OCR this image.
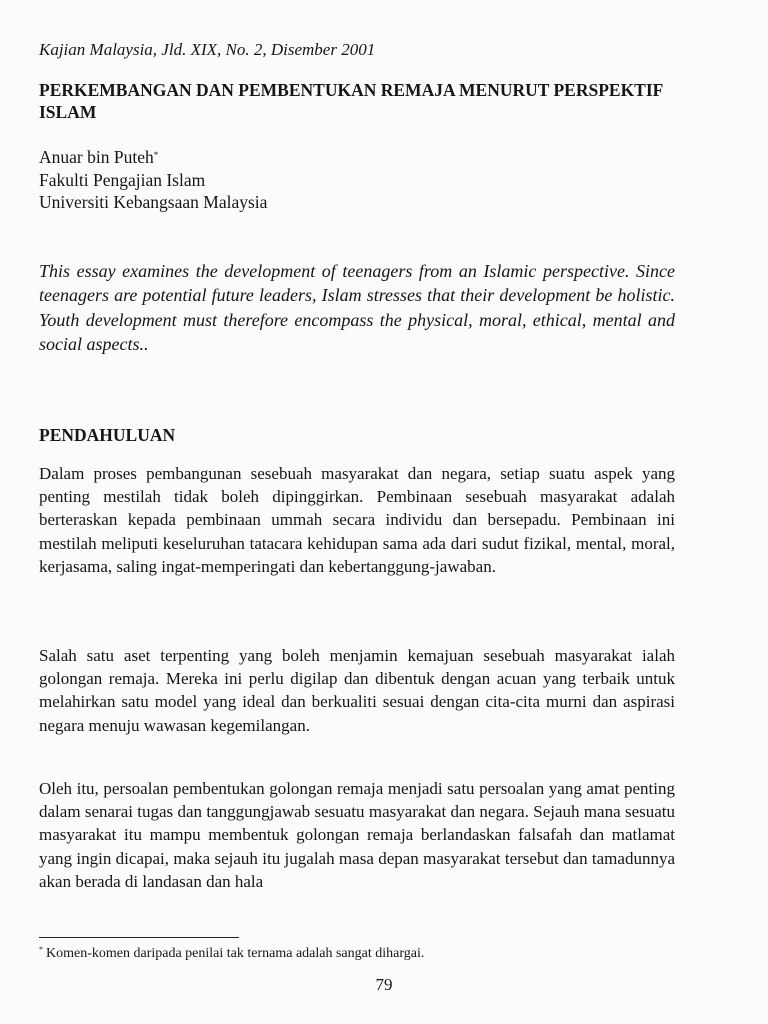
Kajian Malaysia, Jld. XIX, No. 2, Disember 2001
PERKEMBANGAN DAN PEMBENTUKAN REMAJA MENURUT PERSPEKTIF ISLAM
Anuar bin Puteh*
Fakulti Pengajian Islam
Universiti Kebangsaan Malaysia

This essay examines the development of teenagers from an Islamic perspective. Since teenagers are potential future leaders, Islam stresses that their development be holistic. Youth development must therefore encompass the physical, moral, ethical, mental and social aspects..

PENDAHULUAN

Dalam proses pembangunan sesebuah masyarakat dan negara, setiap suatu aspek yang penting mestilah tidak boleh dipinggirkan. Pembinaan sesebuah masyarakat adalah berteraskan kepada pembinaan ummah secara individu dan bersepadu. Pembinaan ini mestilah meliputi keseluruhan tatacara kehidupan sama ada dari sudut fizikal, mental, moral, kerjasama, saling ingat-memperingati dan kebertanggung-jawaban.

Salah satu aset terpenting yang boleh menjamin kemajuan sesebuah masyarakat ialah golongan remaja. Mereka ini perlu digilap dan dibentuk dengan acuan yang terbaik untuk melahirkan satu model yang ideal dan berkualiti sesuai dengan cita-cita murni dan aspirasi negara menuju wawasan kegemilangan.

Oleh itu, persoalan pembentukan golongan remaja menjadi satu persoalan yang amat penting dalam senarai tugas dan tanggungjawab sesuatu masyarakat dan negara. Sejauh mana sesuatu masyarakat itu mampu membentuk golongan remaja berlandaskan falsafah dan matlamat yang ingin dicapai, maka sejauh itu jugalah masa depan masyarakat tersebut dan tamadunnya akan berada di landasan dan hala

* Komen-komen daripada penilai tak ternama adalah sangat dihargai.
79
